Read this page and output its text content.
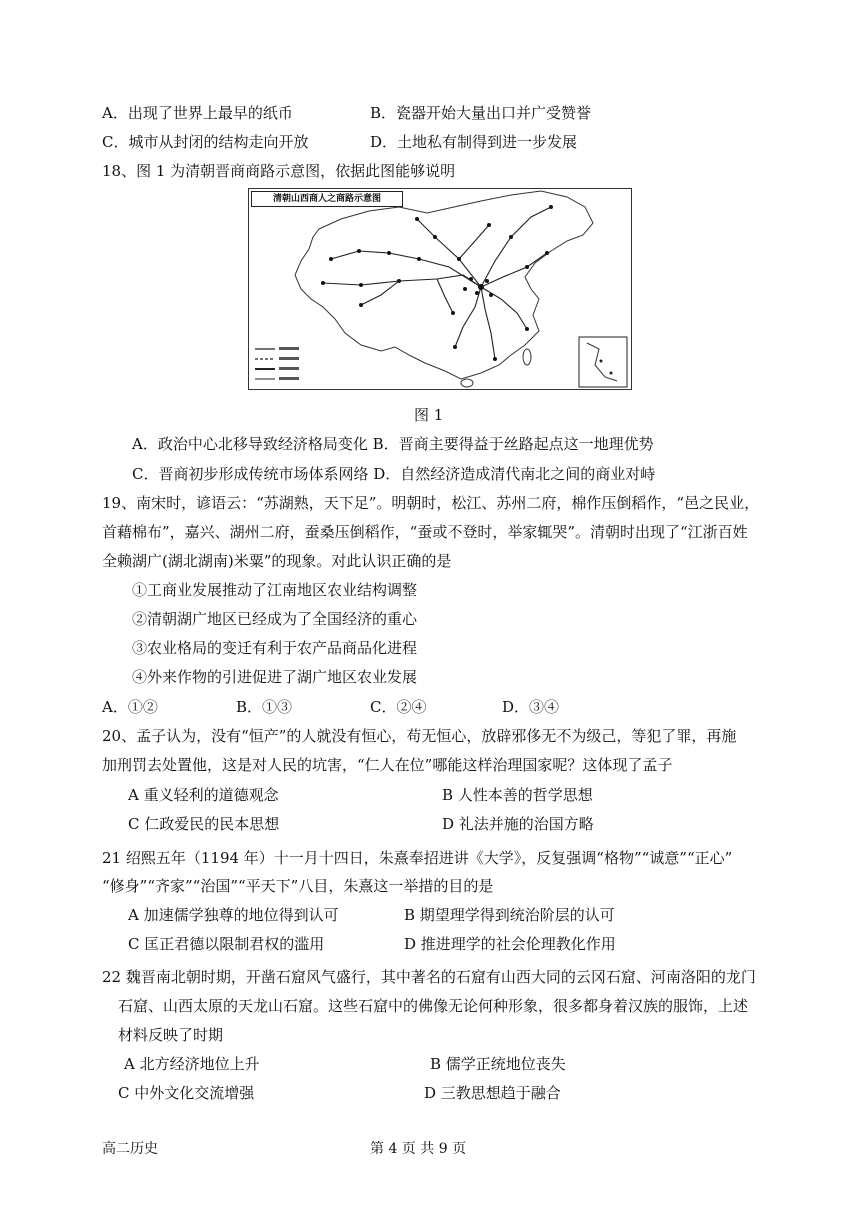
A．出现了世界上最早的纸币	B．瓷器开始大量出口并广受赞誉
C．城市从封闭的结构走向开放	D．土地私有制得到进一步发展
18、图 1 为清朝晋商商路示意图，依据此图能够说明
清朝山西商人之商路示意图
图 1
A．政治中心北移导致经济格局变化 B．晋商主要得益于丝路起点这一地理优势
C．晋商初步形成传统市场体系网络 D．自然经济造成清代南北之间的商业对峙
19、南宋时，谚语云：“苏湖熟，天下足”。明朝时，松江、苏州二府，棉作压倒稻作，“邑之民业，
首藉棉布”，嘉兴、湖州二府，蚕桑压倒稻作，“蚕或不登时，举家辄哭”。清朝时出现了“江浙百姓
全赖湖广(湖北湖南)米粟”的现象。对此认识正确的是
①工商业发展推动了江南地区农业结构调整
②清朝湖广地区已经成为了全国经济的重心
③农业格局的变迁有利于农产品商品化进程
④外来作物的引进促进了湖广地区农业发展
A．①②	B．①③	C．②④	D．③④
20、孟子认为，没有“恒产”的人就没有恒心，苟无恒心，放辟邪侈无不为级己，等犯了罪，再施
加刑罚去处置他，这是对人民的坑害，“仁人在位”哪能这样治理国家呢？这体现了孟子
A 重义轻利的道德观念	B 人性本善的哲学思想
C 仁政爱民的民本思想	D 礼法并施的治国方略
21 绍熙五年（1194 年）十一月十四日，朱熹奉招进讲《大学》，反复强调“格物”“诚意”“正心”
“修身”“齐家”“治国”“平天下”八目，朱熹这一举措的目的是
A 加速儒学独尊的地位得到认可	B 期望理学得到统治阶层的认可
C 匡正君德以限制君权的滥用	D 推进理学的社会伦理教化作用
22 魏晋南北朝时期，开凿石窟风气盛行，其中著名的石窟有山西大同的云冈石窟、河南洛阳的龙门
石窟、山西太原的天龙山石窟。这些石窟中的佛像无论何种形象，很多都身着汉族的服饰，上述
材料反映了时期
A 北方经济地位上升	B 儒学正统地位丧失
C 中外文化交流增强	D 三教思想趋于融合
高二历史	第 4 页 共 9 页
